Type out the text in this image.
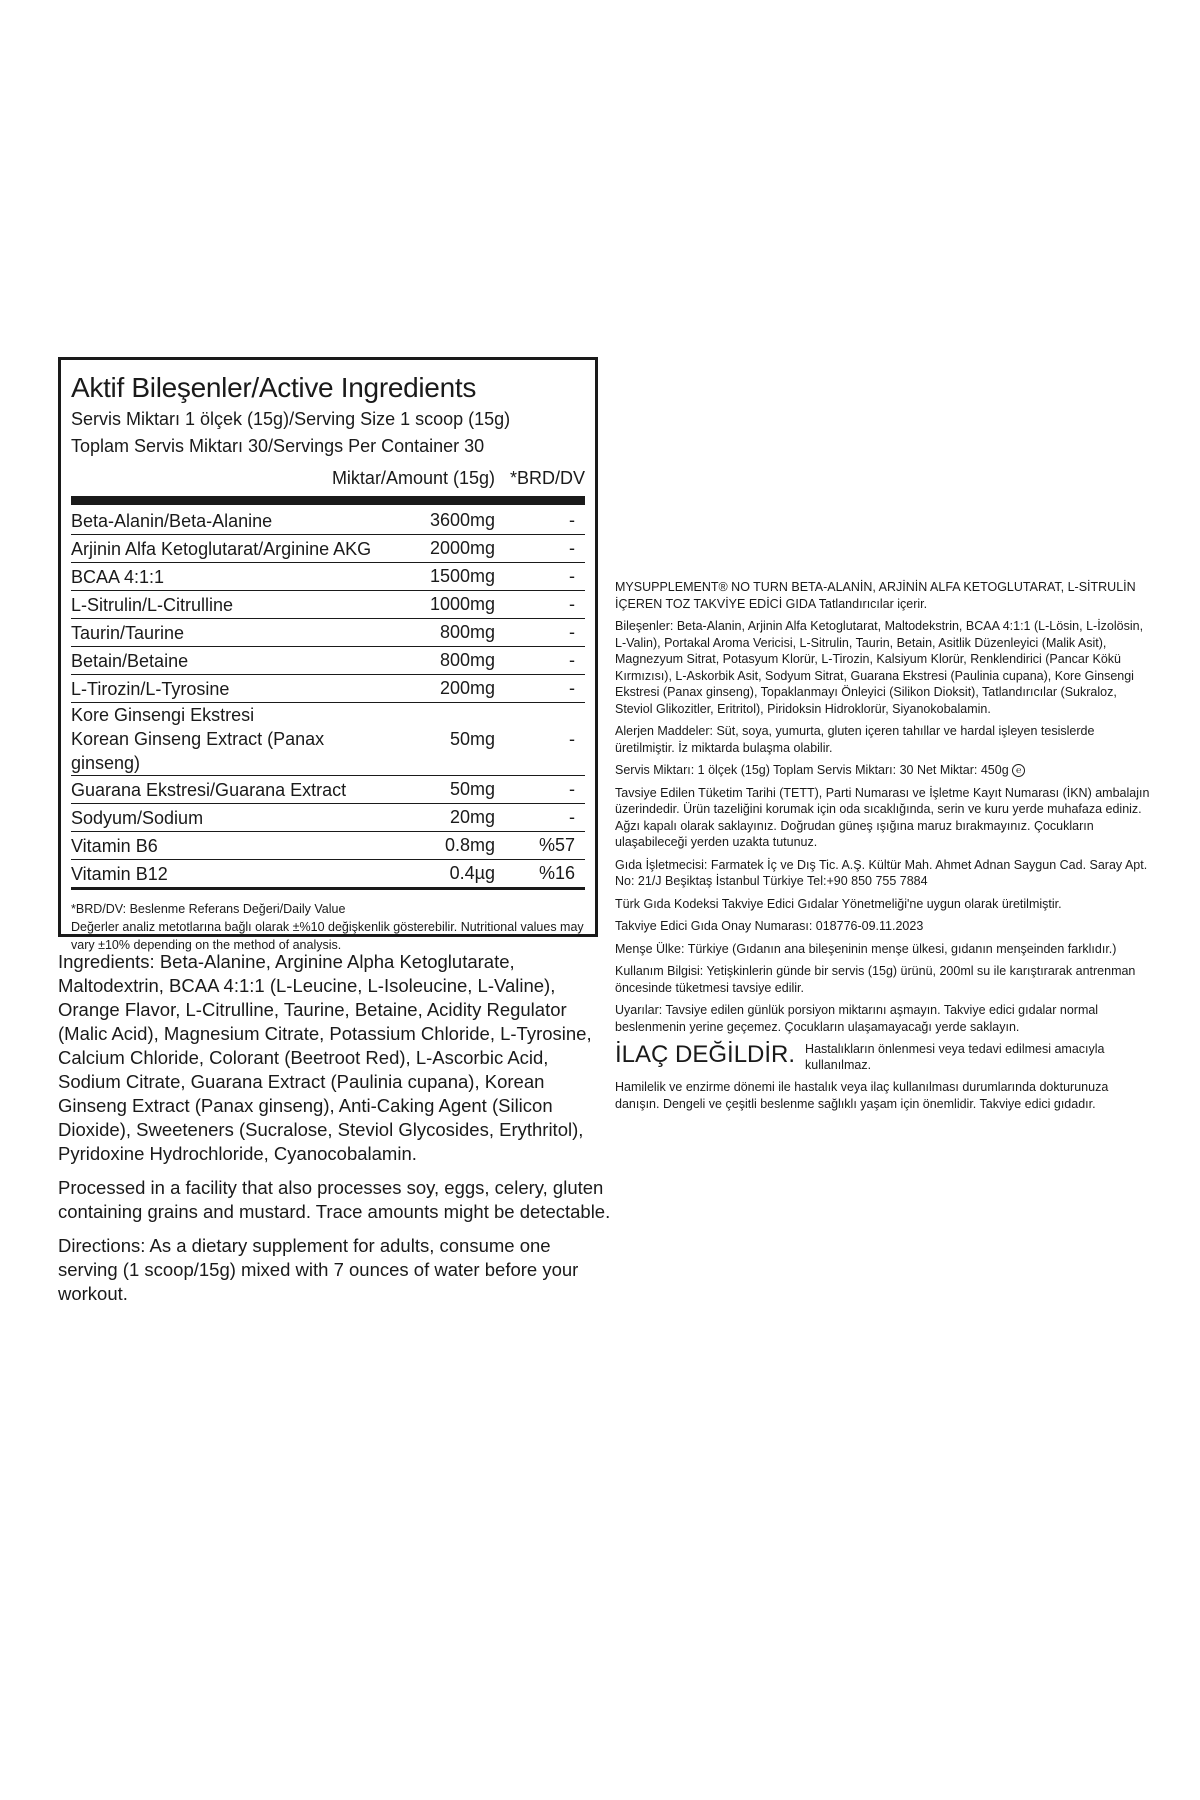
Aktif Bileşenler/Active Ingredients
Servis Miktarı 1 ölçek (15g)/Serving Size 1 scoop (15g)
Toplam Servis Miktarı 30/Servings Per Container 30
Miktar/Amount (15g) *BRD/DV
Beta-Alanin/Beta-Alanine	3600mg	-
Arjinin Alfa Ketoglutarat/Arginine AKG	2000mg	-
BCAA 4:1:1	1500mg	-
L-Sitrulin/L-Citrulline	1000mg	-
Taurin/Taurine	800mg	-
Betain/Betaine	800mg	-
L-Tirozin/L-Tyrosine	200mg	-
Kore Ginsengi Ekstresi
Korean Ginseng Extract (Panax ginseng)
50mg	-
Guarana Ekstresi/Guarana Extract	50mg	-
Sodyum/Sodium	20mg	-
Vitamin B6	0.8mg	%57
Vitamin B12	0.4µg	%16
*BRD/DV: Beslenme Referans Değeri/Daily Value
Değerler analiz metotlarına bağlı olarak ±%10 değişkenlik gösterebilir. Nutritional values may vary ±10% depending on the method of analysis.

Ingredients: Beta-Alanine, Arginine Alpha Ketoglutarate, Maltodextrin, BCAA 4:1:1 (L-Leucine, L-Isoleucine, L-Valine), Orange Flavor, L-Citrulline, Taurine, Betaine, Acidity Regulator (Malic Acid), Magnesium Citrate, Potassium Chloride, L-Tyrosine, Calcium Chloride, Colorant (Beetroot Red), L-Ascorbic Acid, Sodium Citrate, Guarana Extract (Paulinia cupana), Korean Ginseng Extract (Panax ginseng), Anti-Caking Agent (Silicon Dioxide), Sweeteners (Sucralose, Steviol Glycosides, Erythritol), Pyridoxine Hydrochloride, Cyanocobalamin.

Processed in a facility that also processes soy, eggs, celery, gluten containing grains and mustard. Trace amounts might be detectable.

Directions: As a dietary supplement for adults, consume one serving (1 scoop/15g) mixed with 7 ounces of water before your workout.

MYSUPPLEMENT® NO TURN BETA-ALANİN, ARJİNİN ALFA KETOGLUTARAT, L-SİTRULİN İÇEREN TOZ TAKVİYE EDİCİ GIDA Tatlandırıcılar içerir.

Bileşenler: Beta-Alanin, Arjinin Alfa Ketoglutarat, Maltodekstrin, BCAA 4:1:1 (L-Lösin, L-İzolösin, L-Valin), Portakal Aroma Vericisi, L-Sitrulin, Taurin, Betain, Asitlik Düzenleyici (Malik Asit), Magnezyum Sitrat, Potasyum Klorür, L-Tirozin, Kalsiyum Klorür, Renklendirici (Pancar Kökü Kırmızısı), L-Askorbik Asit, Sodyum Sitrat, Guarana Ekstresi (Paulinia cupana), Kore Ginsengi Ekstresi (Panax ginseng), Topaklanmayı Önleyici (Silikon Dioksit), Tatlandırıcılar (Sukraloz, Steviol Glikozitler, Eritritol), Piridoksin Hidroklorür, Siyanokobalamin.

Alerjen Maddeler: Süt, soya, yumurta, gluten içeren tahıllar ve hardal işleyen tesislerde üretilmiştir. İz miktarda bulaşma olabilir.

Servis Miktarı: 1 ölçek (15g) Toplam Servis Miktarı: 30 Net Miktar: 450g ℮

Tavsiye Edilen Tüketim Tarihi (TETT), Parti Numarası ve İşletme Kayıt Numarası (İKN) ambalajın üzerindedir. Ürün tazeliğini korumak için oda sıcaklığında, serin ve kuru yerde muhafaza ediniz. Ağzı kapalı olarak saklayınız. Doğrudan güneş ışığına maruz bırakmayınız. Çocukların ulaşabileceği yerden uzakta tutunuz.

Gıda İşletmecisi: Farmatek İç ve Dış Tic. A.Ş. Kültür Mah. Ahmet Adnan Saygun Cad. Saray Apt. No: 21/J Beşiktaş İstanbul Türkiye Tel:+90 850 755 7884

Türk Gıda Kodeksi Takviye Edici Gıdalar Yönetmeliği'ne uygun olarak üretilmiştir.

Takviye Edici Gıda Onay Numarası: 018776-09.11.2023

Menşe Ülke: Türkiye (Gıdanın ana bileşeninin menşe ülkesi, gıdanın menşeinden farklıdır.)

Kullanım Bilgisi: Yetişkinlerin günde bir servis (15g) ürünü, 200ml su ile karıştırarak antrenman öncesinde tüketmesi tavsiye edilir.

Uyarılar: Tavsiye edilen günlük porsiyon miktarını aşmayın. Takviye edici gıdalar normal beslenmenin yerine geçemez. Çocukların ulaşamayacağı yerde saklayın.

İLAÇ DEĞİLDİR. Hastalıkların önlenmesi veya tedavi edilmesi amacıyla kullanılmaz.

Hamilelik ve enzirme dönemi ile hastalık veya ilaç kullanılması durumlarında dokturunuza danışın. Dengeli ve çeşitli beslenme sağlıklı yaşam için önemlidir. Takviye edici gıdadır.
